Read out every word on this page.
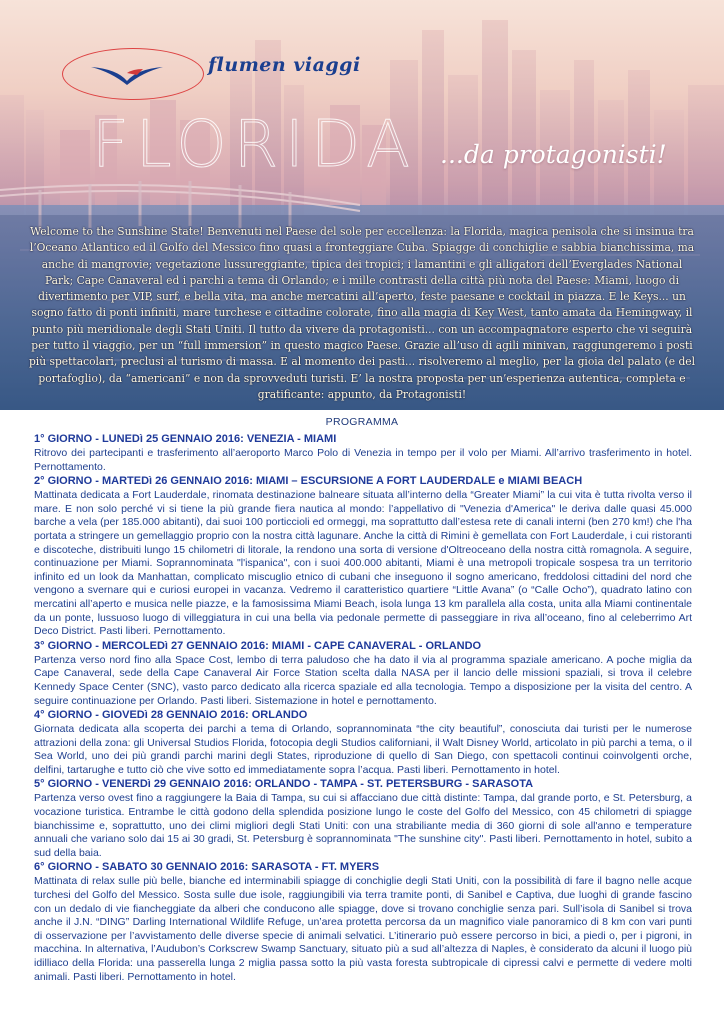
flumen viaggi
FLORIDA ...da protagonisti!

Welcome to the Sunshine State! Benvenuti nel Paese del sole per eccellenza: la Florida, magica penisola che si insinua tra l’Oceano Atlantico ed il Golfo del Messico fino quasi a fronteggiare Cuba. Spiagge di conchiglie e sabbia bianchissima, ma anche di mangrovie; vegetazione lussureggiante, tipica dei tropici; i lamantini e gli alligatori dell’Everglades National Park; Cape Canaveral ed i parchi a tema di Orlando; e i mille contrasti della città più nota del Paese: Miami, luogo di divertimento per VIP, surf, e bella vita, ma anche mercatini all’aperto, feste paesane e cocktail in piazza. E le Keys... un sogno fatto di ponti infiniti, mare turchese e cittadine colorate, fino alla magia di Key West, tanto amata da Hemingway, il punto più meridionale degli Stati Uniti. Il tutto da vivere da protagonisti... con un accompagnatore esperto che vi seguirà per tutto il viaggio, per un “full immersion” in questo magico Paese. Grazie all’uso di agili minivan, raggiungeremo i posti più spettacolari, preclusi al turismo di massa. E al momento dei pasti... risolveremo al meglio, per la gioia del palato (e del portafoglio), da “americani” e non da sprovveduti turisti. E’ la nostra proposta per un’esperienza autentica, completa e gratificante: appunto, da Protagonisti!

PROGRAMMA

1° GIORNO - LUNEDì 25 GENNAIO 2016: VENEZIA - MIAMI

Ritrovo dei partecipanti e trasferimento all’aeroporto Marco Polo di Venezia in tempo per il volo per Miami. All’arrivo trasferimento in hotel. Pernottamento.

2° GIORNO - MARTEDì 26 GENNAIO 2016: MIAMI – ESCURSIONE A FORT LAUDERDALE e MIAMI BEACH

Mattinata dedicata a Fort Lauderdale, rinomata destinazione balneare situata all’interno della “Greater Miami” la cui vita è tutta rivolta verso il mare. E non solo perché vi si tiene la più grande fiera nautica al mondo: l’appellativo di "Venezia d'America" le deriva dalle quasi 45.000 barche a vela (per 185.000 abitanti), dai suoi 100 porticcioli ed ormeggi, ma soprattutto dall’estesa rete di canali interni (ben 270 km!) che l'ha portata a stringere un gemellaggio proprio con la nostra città lagunare. Anche la città di Rimini è gemellata con Fort Lauderdale, i cui ristoranti e discoteche, distribuiti lungo 15 chilometri di litorale, la rendono una sorta di versione d'Oltreoceano della nostra città romagnola. A seguire, continuazione per Miami. Soprannominata "l'ispanica", con i suoi 400.000 abitanti, Miami è una metropoli tropicale sospesa tra un territorio infinito ed un look da Manhattan, complicato miscuglio etnico di cubani che inseguono il sogno americano, freddolosi cittadini del nord che vengono a svernare qui e curiosi europei in vacanza. Vedremo il caratteristico quartiere “Little Avana” (o “Calle Ocho”), quadrato latino con mercatini all’aperto e musica nelle piazze, e la famosissima Miami Beach, isola lunga 13 km parallela alla costa, unita alla Miami continentale da un ponte, lussuoso luogo di villeggiatura in cui una bella via pedonale permette di passeggiare in riva all’oceano, fino al celeberrimo Art Deco District. Pasti liberi. Pernottamento.

3° GIORNO - MERCOLEDì 27 GENNAIO 2016: MIAMI - CAPE CANAVERAL - ORLANDO

Partenza verso nord fino alla Space Cost, lembo di terra paludoso che ha dato il via al programma spaziale americano. A poche miglia da Cape Canaveral, sede della Cape Canaveral Air Force Station scelta dalla NASA per il lancio delle missioni spaziali, si trova il celebre Kennedy Space Center (SNC), vasto parco dedicato alla ricerca spaziale ed alla tecnologia. Tempo a disposizione per la visita del centro. A seguire continuazione per Orlando. Pasti liberi. Sistemazione in hotel e pernottamento.

4° GIORNO - GIOVEDì 28 GENNAIO 2016: ORLANDO

Giornata dedicata alla scoperta dei parchi a tema di Orlando, soprannominata “the city beautiful”, conosciuta dai turisti per le numerose attrazioni della zona: gli Universal Studios Florida, fotocopia degli Studios californiani, il Walt Disney World, articolato in più parchi a tema, o il Sea World, uno dei più grandi parchi marini degli States, riproduzione di quello di San Diego, con spettacoli continui coinvolgenti orche, delfini, tartarughe e tutto ciò che vive sotto ed immediatamente sopra l’acqua. Pasti liberi. Pernottamento in hotel.

5° GIORNO - VENERDì 29 GENNAIO 2016: ORLANDO - TAMPA - ST. PETERSBURG - SARASOTA

Partenza verso ovest fino a raggiungere la Baia di Tampa, su cui si affacciano due città distinte: Tampa, dal grande porto, e St. Petersburg, a vocazione turistica. Entrambe le città godono della splendida posizione lungo le coste del Golfo del Messico, con 45 chilometri di spiagge bianchissime e, soprattutto, uno dei climi migliori degli Stati Uniti: con una strabiliante media di 360 giorni di sole all'anno e temperature annuali che variano solo dai 15 ai 30 gradi, St. Petersburg è soprannominata "The sunshine city". Pasti liberi. Pernottamento in hotel, subito a sud della baia.

6° GIORNO - SABATO 30 GENNAIO 2016: SARASOTA - FT. MYERS

Mattinata di relax sulle più belle, bianche ed interminabili spiagge di conchiglie degli Stati Uniti, con la possibilità di fare il bagno nelle acque turchesi del Golfo del Messico. Sosta sulle due isole, raggiungibili via terra tramite ponti, di Sanibel e Captiva, due luoghi di grande fascino con un dedalo di vie fiancheggiate da alberi che conducono alle spiagge, dove si trovano conchiglie senza pari. Sull’isola di Sanibel si trova anche il J.N. “DING” Darling International Wildlife Refuge, un’area protetta percorsa da un magnifico viale panoramico di 8 km con vari punti di osservazione per l’avvistamento delle diverse specie di animali selvatici. L’itinerario può essere percorso in bici, a piedi o, per i pigroni, in macchina. In alternativa, l’Audubon’s Corkscrew Swamp Sanctuary, situato più a sud all’altezza di Naples, è considerato da alcuni il luogo più idilliaco della Florida: una passerella lunga 2 miglia passa sotto la più vasta foresta subtropicale di cipressi calvi e permette di vedere molti animali. Pasti liberi. Pernottamento in hotel.
